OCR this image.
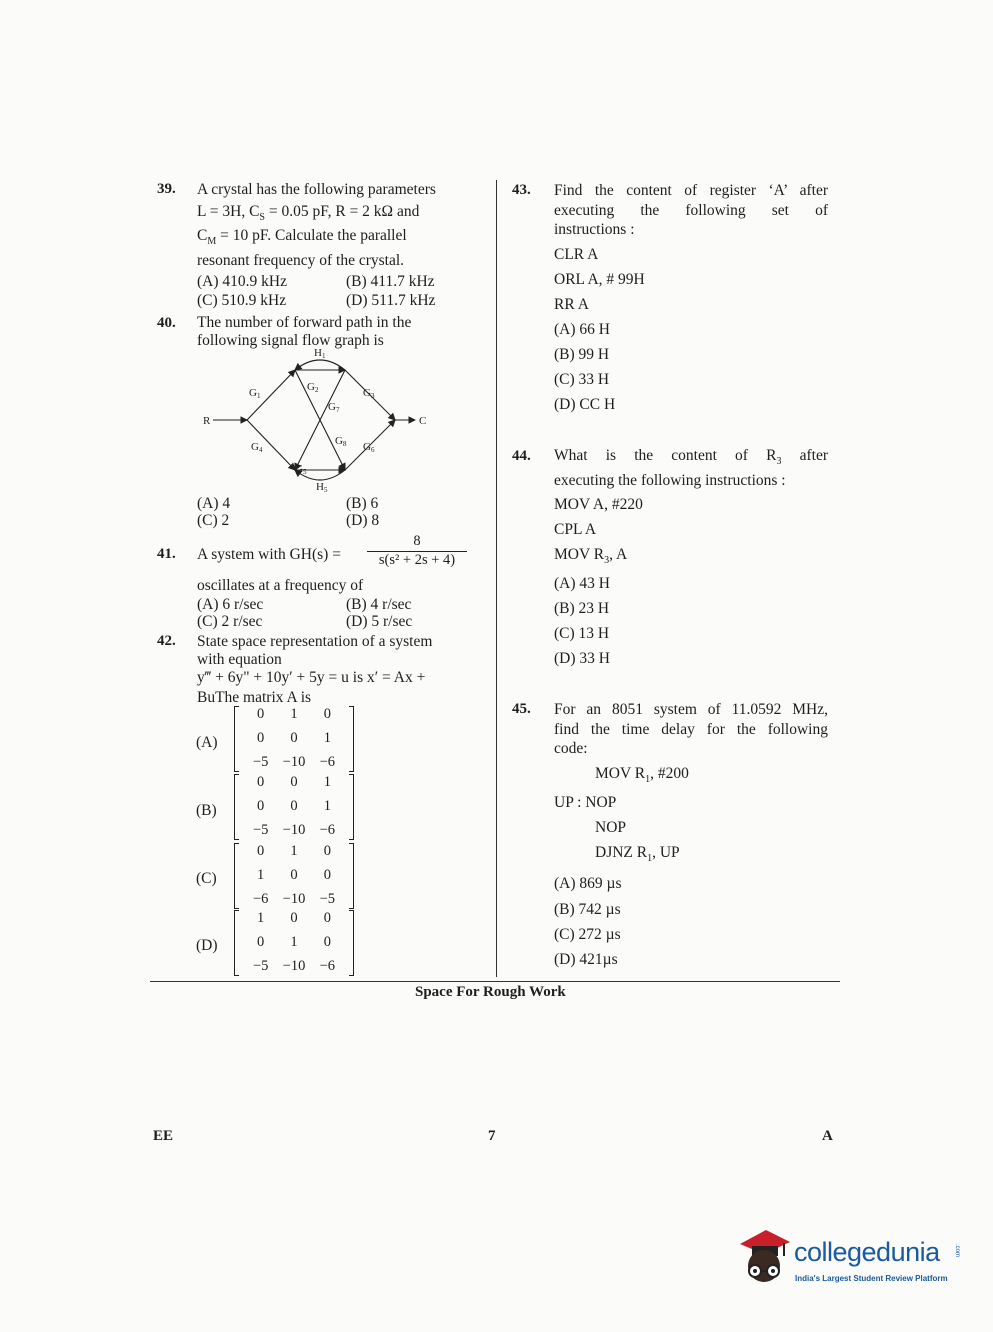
39. A crystal has the following parameters
L = 3H, $C_S = 0.05$ pF, R = 2 kΩ and
$C_M = 10$ pF. Calculate the parallel
resonant frequency of the crystal.
(A) 410.9 kHz	(B) 411.7 kHz
(C) 510.9 kHz	(D) 511.7 kHz
40. The number of forward path in the
following signal flow graph is
R	C
H1
G1
G2	G3
G7
G4
G8 G6
G5
H5
(A) 4	(B) 6
(C) 2	(D) 8
41. A system with $GH(s) = \frac{8}{\text{s(s² + 2s + 4)}}$
oscillates at a frequency of
(A) 6 r/sec	(B) 4 r/sec
(C) 2 r/sec	(D) 5 r/sec
42. State space representation of a system
with equation
y‴ + 6y" + 10y′ + 5y = u is x′ = Ax +
BuThe matrix A is
(A)
0	1	0
0	0	1
−5 −10 −6
(B)
0	0	1
0	0	1
−5 −10 −6
(C)
0	1	0
1	0	0
−6 −10 −5
(D)
1	0	0
0	1	0
−5 −10 −6
43. Find the content of register ‘A’ after
executing the following set of
instructions :
CLR A
ORL A, # 99H
RR A
(A) 66 H
(B) 99 H
(C) 33 H
(D) CC H
44. What is the content of $R_3$ after
executing the following instructions :
MOV A, #220
CPL A
MOV $R_3$, A
(A) 43 H
(B) 23 H
(C) 13 H
(D) 33 H
45. For an 8051 system of 11.0592 MHz,
find the time delay for the following
code:
MOV $R_1$, #200
UP : NOP
NOP
DJNZ $R_1$, UP
(A) 869 µs
(B) 742 µs
(C) 272 µs
(D) 421µs
Space For Rough Work
EE	7	A
collegedunia .com
India's Largest Student Review Platform
